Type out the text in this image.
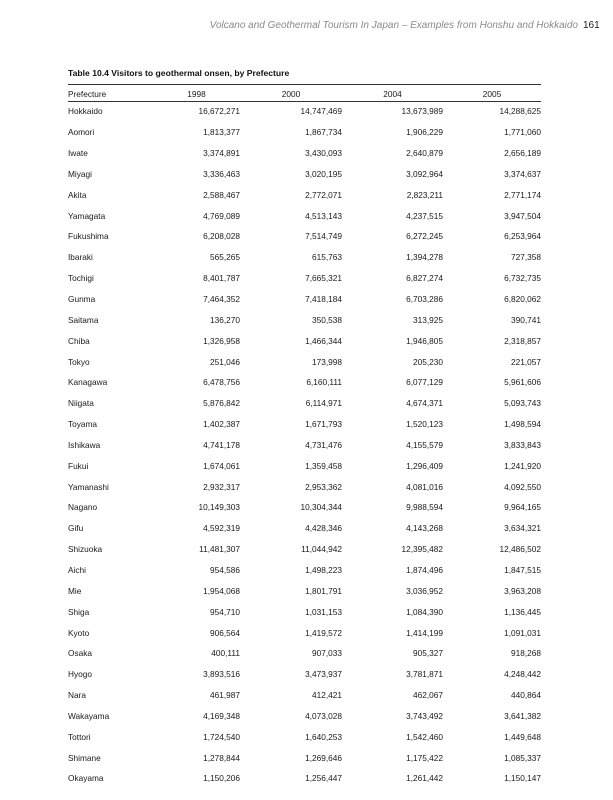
Volcano and Geothermal Tourism In Japan – Examples from Honshu and Hokkaido 161
Table 10.4 Visitors to geothermal onsen, by Prefecture
Prefecture	1998	2000	2004	2005
Hokkaido	16,672,271	14,747,469	13,673,989	14,288,625
Aomori	1,813,377	1,867,734	1,906,229	1,771,060
Iwate	3,374,891	3,430,093	2,640,879	2,656,189
Miyagi	3,336,463	3,020,195	3,092,964	3,374,637
Akita	2,588,467	2,772,071	2,823,211	2,771,174
Yamagata	4,769,089	4,513,143	4,237,515	3,947,504
Fukushima	6,208,028	7,514,749	6,272,245	6,253,964
Ibaraki	565,265	615,763	1,394,278	727,358
Tochigi	8,401,787	7,665,321	6,827,274	6,732,735
Gunma	7,464,352	7,418,184	6,703,286	6,820,062
Saitama	136,270	350,538	313,925	390,741
Chiba	1,326,958	1,466,344	1,946,805	2,318,857
Tokyo	251,046	173,998	205,230	221,057
Kanagawa	6,478,756	6,160,111	6,077,129	5,961,606
Niigata	5,876,842	6,114,971	4,674,371	5,093,743
Toyama	1,402,387	1,671,793	1,520,123	1,498,594
Ishikawa	4,741,178	4,731,476	4,155,579	3,833,843
Fukui	1,674,061	1,359,458	1,296,409	1,241,920
Yamanashi	2,932,317	2,953,362	4,081,016	4,092,550
Nagano	10,149,303	10,304,344	9,988,594	9,964,165
Gifu	4,592,319	4,428,346	4,143,268	3,634,321
Shizuoka	11,481,307	11,044,942	12,395,482	12,486,502
Aichi	954,586	1,498,223	1,874,496	1,847,515
Mie	1,954,068	1,801,791	3,036,952	3,963,208
Shiga	954,710	1,031,153	1,084,390	1,136,445
Kyoto	906,564	1,419,572	1,414,199	1,091,031
Osaka	400,111	907,033	905,327	918,268
Hyogo	3,893,516	3,473,937	3,781,871	4,248,442
Nara	461,987	412,421	462,067	440,864
Wakayama	4,169,348	4,073,028	3,743,492	3,641,382
Tottori	1,724,540	1,640,253	1,542,460	1,449,648
Shimane	1,278,844	1,269,646	1,175,422	1,085,337
Okayama	1,150,206	1,256,447	1,261,442	1,150,147
